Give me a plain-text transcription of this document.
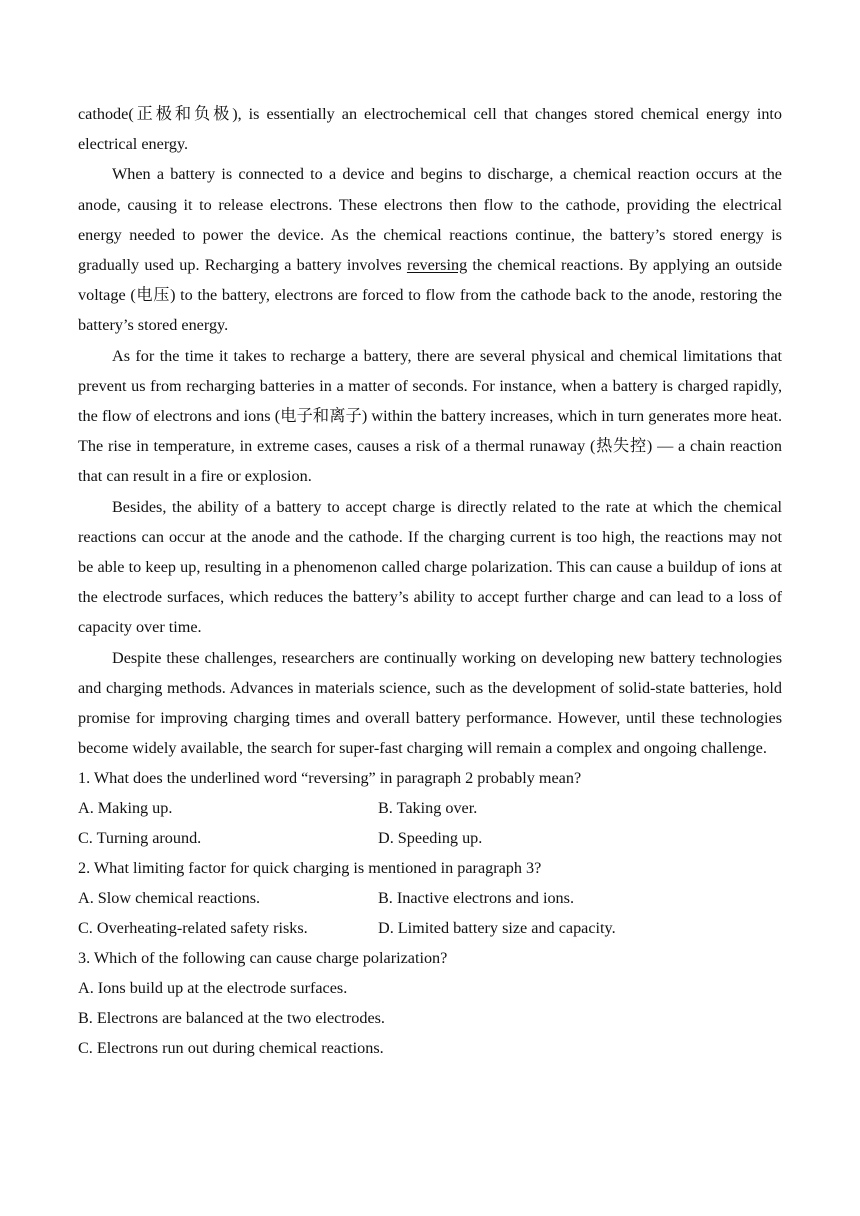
cathode(正极和负极), is essentially an electrochemical cell that changes stored chemical energy into electrical energy.

When a battery is connected to a device and begins to discharge, a chemical reaction occurs at the anode, causing it to release electrons. These electrons then flow to the cathode, providing the electrical energy needed to power the device. As the chemical reactions continue, the battery’s stored energy is gradually used up. Recharging a battery involves reversing the chemical reactions. By applying an outside voltage (电压) to the battery, electrons are forced to flow from the cathode back to the anode, restoring the battery’s stored energy.

As for the time it takes to recharge a battery, there are several physical and chemical limitations that prevent us from recharging batteries in a matter of seconds. For instance, when a battery is charged rapidly, the flow of electrons and ions (电子和离子) within the battery increases, which in turn generates more heat. The rise in temperature, in extreme cases, causes a risk of a thermal runaway (热失控) — a chain reaction that can result in a fire or explosion.

Besides, the ability of a battery to accept charge is directly related to the rate at which the chemical reactions can occur at the anode and the cathode. If the charging current is too high, the reactions may not be able to keep up, resulting in a phenomenon called charge polarization. This can cause a buildup of ions at the electrode surfaces, which reduces the battery’s ability to accept further charge and can lead to a loss of capacity over time.

Despite these challenges, researchers are continually working on developing new battery technologies and charging methods. Advances in materials science, such as the development of solid-state batteries, hold promise for improving charging times and overall battery performance. However, until these technologies become widely available, the search for super-fast charging will remain a complex and ongoing challenge.

1. What does the underlined word “reversing” in paragraph 2 probably mean?

A. Making up.	B. Taking over.
C. Turning around.	D. Speeding up.

2. What limiting factor for quick charging is mentioned in paragraph 3?

A. Slow chemical reactions.	B. Inactive electrons and ions.
C. Overheating-related safety risks.	D. Limited battery size and capacity.

3. Which of the following can cause charge polarization?

A. Ions build up at the electrode surfaces.
B. Electrons are balanced at the two electrodes.
C. Electrons run out during chemical reactions.
